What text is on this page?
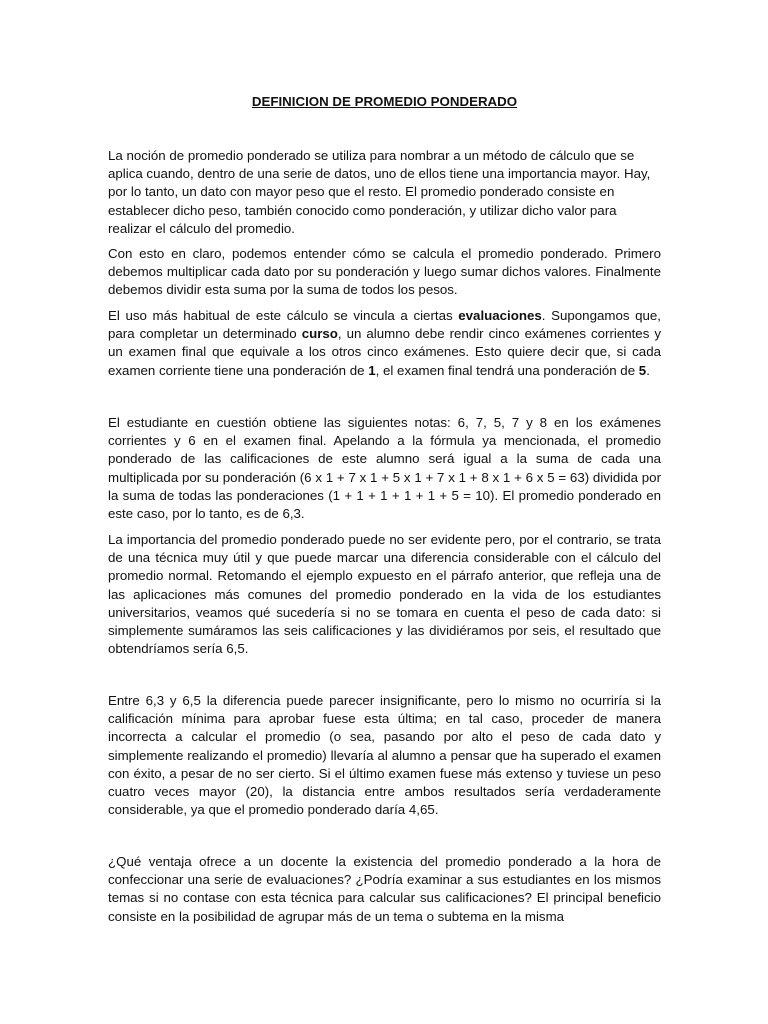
DEFINICION DE PROMEDIO PONDERADO

La noción de promedio ponderado se utiliza para nombrar a un método de cálculo que se aplica cuando, dentro de una serie de datos, uno de ellos tiene una importancia mayor. Hay, por lo tanto, un dato con mayor peso que el resto. El promedio ponderado consiste en establecer dicho peso, también conocido como ponderación, y utilizar dicho valor para realizar el cálculo del promedio.

Con esto en claro, podemos entender cómo se calcula el promedio ponderado. Primero debemos multiplicar cada dato por su ponderación y luego sumar dichos valores. Finalmente debemos dividir esta suma por la suma de todos los pesos.

El uso más habitual de este cálculo se vincula a ciertas evaluaciones. Supongamos que, para completar un determinado curso, un alumno debe rendir cinco exámenes corrientes y un examen final que equivale a los otros cinco exámenes. Esto quiere decir que, si cada examen corriente tiene una ponderación de 1, el examen final tendrá una ponderación de 5.

El estudiante en cuestión obtiene las siguientes notas: 6, 7, 5, 7 y 8 en los exámenes corrientes y 6 en el examen final. Apelando a la fórmula ya mencionada, el promedio ponderado de las calificaciones de este alumno será igual a la suma de cada una multiplicada por su ponderación (6 x 1 + 7 x 1 + 5 x 1 + 7 x 1 + 8 x 1 + 6 x 5 = 63) dividida por la suma de todas las ponderaciones (1 + 1 + 1 + 1 + 1 + 5 = 10). El promedio ponderado en este caso, por lo tanto, es de 6,3.

La importancia del promedio ponderado puede no ser evidente pero, por el contrario, se trata de una técnica muy útil y que puede marcar una diferencia considerable con el cálculo del promedio normal. Retomando el ejemplo expuesto en el párrafo anterior, que refleja una de las aplicaciones más comunes del promedio ponderado en la vida de los estudiantes universitarios, veamos qué sucedería si no se tomara en cuenta el peso de cada dato: si simplemente sumáramos las seis calificaciones y las dividiéramos por seis, el resultado que obtendríamos sería 6,5.

Entre 6,3 y 6,5 la diferencia puede parecer insignificante, pero lo mismo no ocurriría si la calificación mínima para aprobar fuese esta última; en tal caso, proceder de manera incorrecta a calcular el promedio (o sea, pasando por alto el peso de cada dato y simplemente realizando el promedio) llevaría al alumno a pensar que ha superado el examen con éxito, a pesar de no ser cierto. Si el último examen fuese más extenso y tuviese un peso cuatro veces mayor (20), la distancia entre ambos resultados sería verdaderamente considerable, ya que el promedio ponderado daría 4,65.

¿Qué ventaja ofrece a un docente la existencia del promedio ponderado a la hora de confeccionar una serie de evaluaciones? ¿Podría examinar a sus estudiantes en los mismos temas si no contase con esta técnica para calcular sus calificaciones? El principal beneficio consiste en la posibilidad de agrupar más de un tema o subtema en la misma
